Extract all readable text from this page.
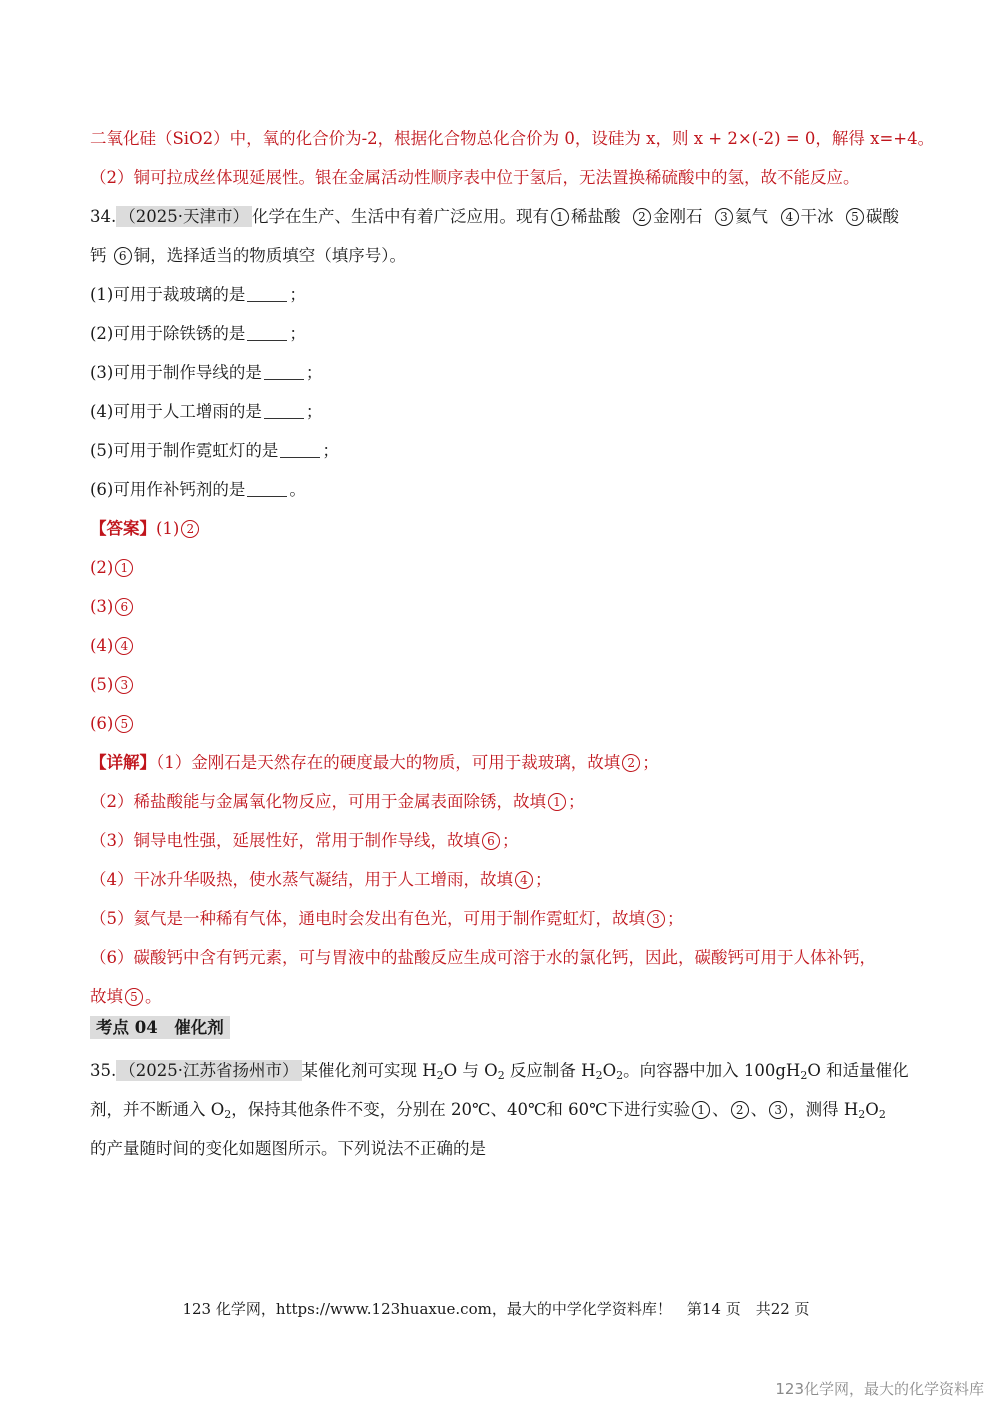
二氧化硅（SiO2）中，氧的化合价为-2，根据化合物总化合价为 0，设硅为 x，则 x + 2×(-2) = 0，解得 x=+4。
（2）铜可拉成丝体现延展性。银在金属活动性顺序表中位于氢后，无法置换稀硫酸中的氢，故不能反应。
34. （2025·天津市） 化学在生产、生活中有着广泛应用。现有 1 稀盐酸 2 金刚石 3 氦气 4 干冰 5 碳酸
钙 6 铜，选择适当的物质填空（填序号）。
(1)可用于裁玻璃的是	；
(2)可用于除铁锈的是	；
(3)可用于制作导线的是	；
(4)可用于人工增雨的是	；
(5)可用于制作霓虹灯的是	；
(6)可用作补钙剂的是	。
【答案】(1) 2
(2) 1
(3) 6
(4) 4
(5) 3
(6) 5
【详解】（1）金刚石是天然存在的硬度最大的物质，可用于裁玻璃，故填 2 ；
（2）稀盐酸能与金属氧化物反应，可用于金属表面除锈，故填 1 ；
（3）铜导电性强，延展性好，常用于制作导线，故填 6 ；
（4）干冰升华吸热，使水蒸气凝结，用于人工增雨，故填 4 ；
（5）氦气是一种稀有气体，通电时会发出有色光，可用于制作霓虹灯，故填 3 ；
（6）碳酸钙中含有钙元素，可与胃液中的盐酸反应生成可溶于水的氯化钙，因此，碳酸钙可用于人体补钙，
故填 5 。
考点 04　催化剂
35. （2025·江苏省扬州市） 某催化剂可实现 $H_2O$ 与 $O_2$ 反应制备 $H_2O_2$。向容器中加入 $100gH_2O$ 和适量催化
剂，并不断通入 $O_2$，保持其他条件不变，分别在 20℃、40℃和 60℃下进行实验 1 、 2 、 3 ，测得 $H_2O_2$
的产量随时间的变化如题图所示。下列说法不正确的是
123 化学网，https://www.123huaxue.com，最大的中学化学资料库！　第14 页　共22 页
123化学网，最大的化学资料库
